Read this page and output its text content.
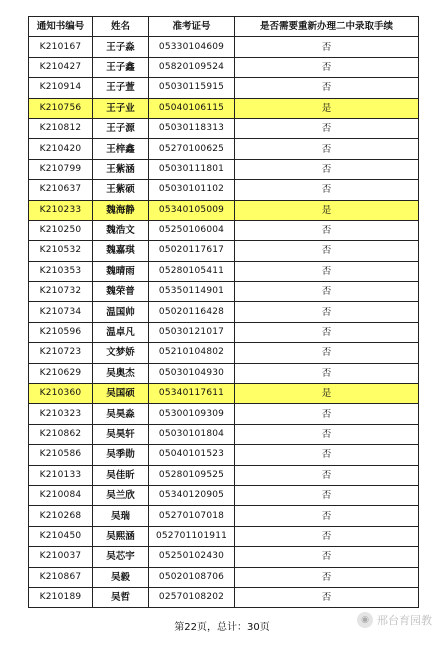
通知书编号	姓名	准考证号	是否需要重新办理二中录取手续
K210167	王子淼	05330104609	否
K210427	王子鑫	05820109524	否
K210914	王子萱	05030115915	否
K210756	王子业	05040106115	是
K210812	王子源	05030118313	否
K210420	王梓鑫	05270100625	否
K210799	王紫涵	05030111801	否
K210637	王紫硕	05030101102	否
K210233	魏海静	05340105009	是
K210250	魏浩文	05250106004	否
K210532	魏嘉琪	05020117617	否
K210353	魏晴雨	05280105411	否
K210732	魏荣普	05350114901	否
K210734	温国帅	05020116428	否
K210596	温卓凡	05030121017	否
K210723	文梦娇	05210104802	否
K210629	吴奥杰	05030104930	否
K210360	吴国硕	05340117611	是
K210323	吴昊淼	05300109309	否
K210862	吴昊轩	05030101804	否
K210586	吴季勋	05040101523	否
K210133	吴佳昕	05280109525	否
K210084	吴兰欣	05340120905	否
K210268	吴瑞	05270107018	否
K210450	吴熙涵	052701101911	否
K210037	吴芯宇	05250102430	否
K210867	吴毅	05020108706	否
K210189	吴哲	02570108202	否
第22页，总计：30页
◉ 邢台育园教
